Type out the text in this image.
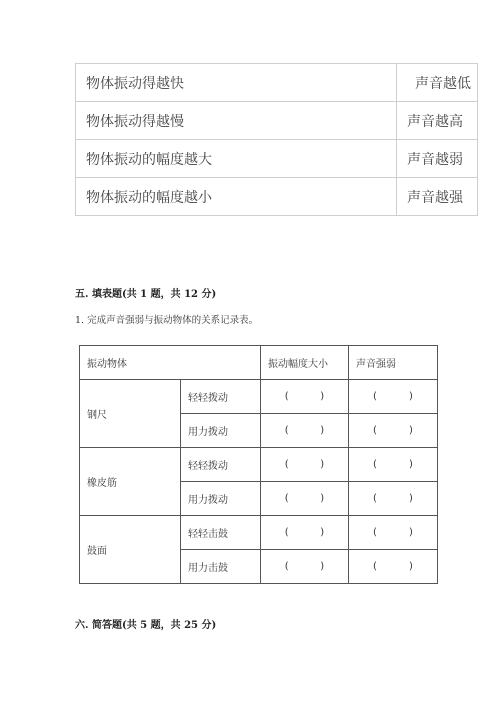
物体振动得越快	声音越低
物体振动得越慢	声音越高
物体振动的幅度越大	声音越弱
物体振动的幅度越小	声音越强
五. 填表题(共 1 题，共 12 分)
1. 完成声音强弱与振动物体的关系记录表。
振动物体		振动幅度大小	声音强弱
钢尺	轻轻拨动	( )	( )

	用力拨动	( )	( )

橡皮筋	轻轻拨动	( )	( )

	用力拨动	( )	( )

鼓面	轻轻击鼓	( )	( )

	用力击鼓	( )	( )
六. 简答题(共 5 题，共 25 分)
